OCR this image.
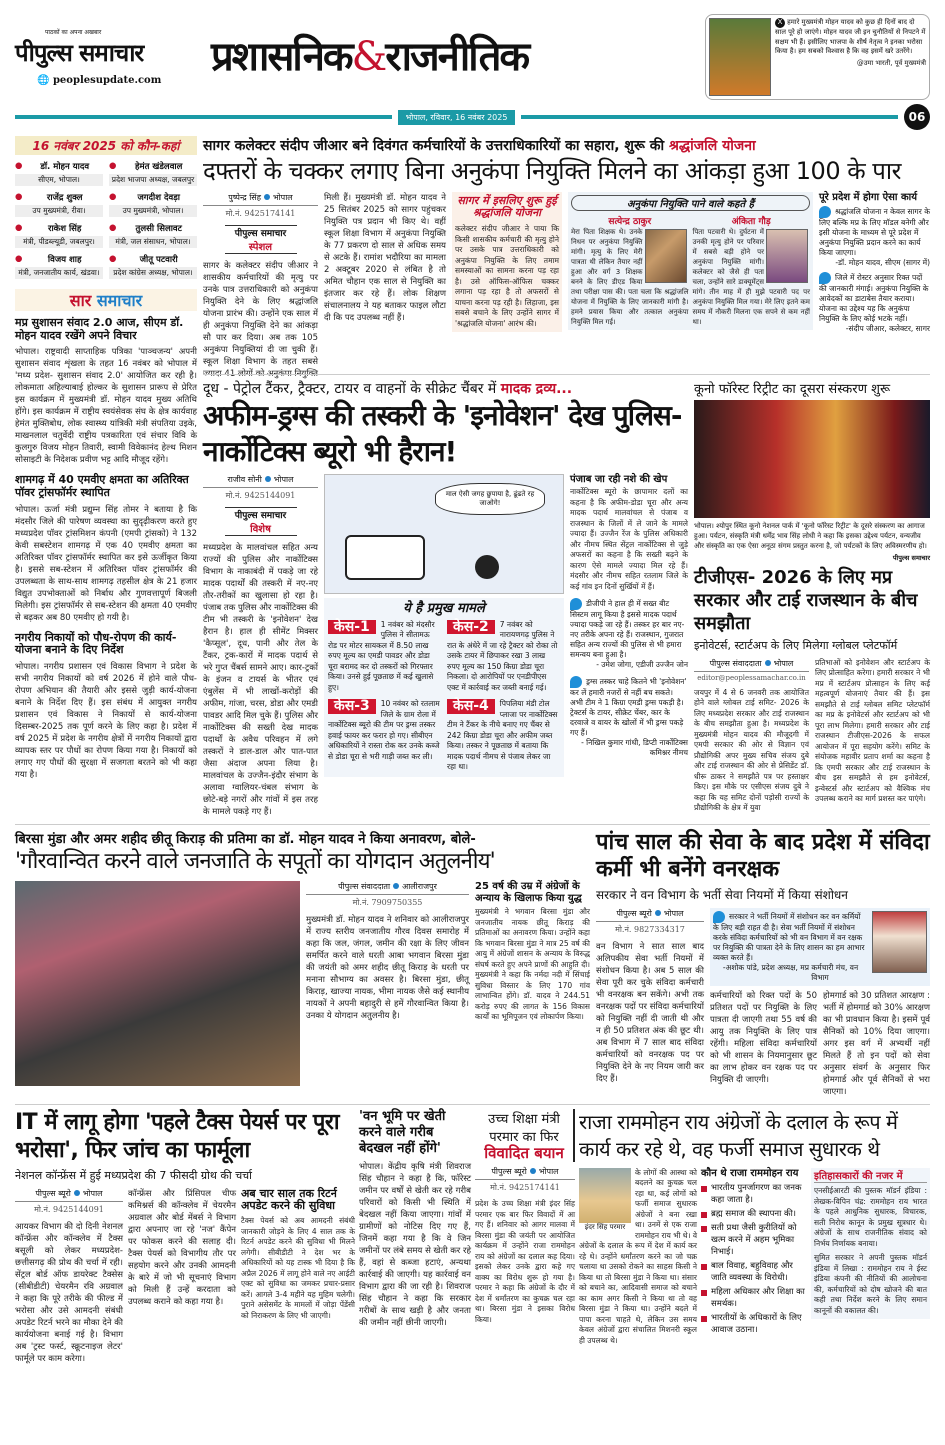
पाठकों का अपना अखबार
पीपुल्स समाचार
🌐 peoplesupdate.com
प्रशासनिक&राजनीतिक
X हमारे मुख्यमंत्री मोहन यादव को कुछ ही दिनों बाद दो साल पूरे हो जाएंगे। मोहन यादव जी इन चुनौतियों से निपटने में सक्षम भी हैं। इसीलिए भाजपा के शीर्ष नेतृत्व ने इनका भरोसा किया है। हम सबको विश्वास है कि वह इसमें खरे उतरेंगे।
@उमा भारती, पूर्व मुख्यमंत्री
भोपाल, रविवार, 16 नवंबर 2025	06
16 नवंबर 2025 को कौन-कहां
●	डॉ. मोहन यादव
सीएम, भोपाल।
●	हेमंत खंडेलवाल
प्रदेश भाजपा अध्यक्ष, जबलपुर
●	राजेंद्र शुक्ल
उप मुख्यमंत्री, रीवा।
●	जगदीश देवड़ा
उप मुख्यमंत्री, भोपाल।
●	राकेश सिंह
मंत्री, पीडब्ल्यूडी, जबलपुर।
●	तुलसी सिलावट
मंत्री, जल संसाधन, भोपाल।
●	विजय शाह
मंत्री, जनजातीय कार्य, खंडवा।
●	जीतू पटवारी
प्रदेश कांग्रेस अध्यक्ष, भोपाल।
सार समाचार
मप्र सुशासन संवाद 2.0 आज, सीएम डॉ. मोहन यादव रखेंगे अपने विचार
भोपाल। राष्ट्रवादी साप्ताहिक पत्रिका 'पाञ्चजन्य' अपनी सुशासन संवाद शृंखला के तहत 16 नवंबर को भोपाल में 'मध्य प्रदेश- सुशासन संवाद 2.0' आयोजित कर रही है। लोकमाता अहिल्याबाई होल्कर के सुशासन प्रारूप से प्रेरित इस कार्यक्रम में मुख्यमंत्री डॉ. मोहन यादव मुख्य अतिथि होंगे। इस कार्यक्रम में राष्ट्रीय स्वयंसेवक संघ के क्षेत्र कार्यवाह हेमंत मुक्तिबोध, लोक स्वास्थ्य यांत्रिकी मंत्री संपतिया उइके, माखनलाल चतुर्वेदी राष्ट्रीय पत्रकारिता एवं संचार विवि के कुलगुरु विजय मोहन तिवारी, स्वामी विवेकानंद हेल्थ मिशन सोसाइटी के निदेशक प्रवीण भट्ट आदि मौजूद रहेंगे।
शामगढ़ में 40 एमवीए क्षमता का अतिरिक्त पॉवर ट्रांसफॉर्मर स्थापित
भोपाल। ऊर्जा मंत्री प्रद्युम्न सिंह तोमर ने बताया है कि मंदसौर जिले की पारेषण व्यवस्था का सुदृढ़ीकरण करते हुए मध्यप्रदेश पॉवर ट्रांसमिशन कंपनी (एमपी ट्रांसको) ने 132 केवी सबस्टेशन शामगढ़ में एक 40 एमवीए क्षमता का अतिरिक्त पॉवर ट्रांसफॉर्मर स्थापित कर इसे ऊर्जीकृत किया है। इससे सब-स्टेशन में अतिरिक्त पॉवर ट्रांसफॉर्मर की उपलब्धता के साथ-साथ शामगढ़ तहसील क्षेत्र के 21 हजार विद्युत उपभोक्ताओं को निर्बाध और गुणवत्तापूर्ण बिजली मिलेगी। इस ट्रांसफॉर्मर से सब-स्टेशन की क्षमता 40 एमवीए से बढ़कर अब 80 एमवीए हो गयी है।
नगरीय निकायों को पौध-रोपण की कार्य-योजना बनाने के दिए निर्देश
भोपाल। नगरीय प्रशासन एवं विकास विभाग ने प्रदेश के सभी नगरीय निकायों को वर्ष 2026 में होने वाले पौध-रोपण अभियान की तैयारी और इससे जुड़ी कार्य-योजना बनाने के निर्देश दिए हैं। इस संबंध में आयुक्त नगरीय प्रशासन एवं विकास ने निकायों से कार्य-योजना दिसम्बर-2025 तक पूर्ण करने के लिए कहा है। प्रदेश में वर्ष 2025 में प्रदेश के नगरीय क्षेत्रों में नगरीय निकायों द्वारा व्यापक स्तर पर पौधों का रोपण किया गया है। निकायों को लगाए गए पौधों की सुरक्षा में सजगता बरतने को भी कहा गया है।
सागर कलेक्टर संदीप जीआर बने दिवंगत कर्मचारियों के उत्तराधिकारियों का सहारा, शुरू की श्रद्धांजलि योजना
दफ्तरों के चक्कर लगाए बिना अनुकंपा नियुक्ति मिलने का आंकड़ा हुआ 100 के पार
पुष्पेन्द्र सिंह भोपाल
मो.नं. 9425174141
पीपुल्स समाचार
स्पेशल
सागर के कलेक्टर संदीप जीआर ने शासकीय कर्मचारियों की मृत्यु पर उनके पात्र उत्तराधिकारी को अनुकंपा नियुक्ति देने के लिए श्रद्धांजलि योजना प्रारंभ की। उन्होंने एक साल में ही अनुकंपा नियुक्ति देने का आंकड़ा सौ पार कर दिया। अब तक 105 अनुकंपा नियुक्तियां दी जा चुकी हैं। स्कूल शिक्षा विभाग के तहत सबसे ज्यादा 41 लोगों को अनुकंपा नियुक्ति
मिली हैं। मुख्यमंत्री डॉ. मोहन यादव ने 25 सितंबर 2025 को सागर पहुंचकर नियुक्ति पत्र प्रदान भी किए थे। वहीं स्कूल शिक्षा विभाग में अनुकंपा नियुक्ति के 77 प्रकरण दो साल से अधिक समय से अटके हैं। रामांश भदौरिया का मामला 2 अक्टूबर 2020 से लंबित है तो अमित चौहान एक साल से नियुक्ति का इंतजार कर रहे हैं। लोक शिक्षण संचालनालय ने यह बताकर फाइल लौटा दी कि पद उपलब्ध नहीं हैं।
सागर में इसलिए शुरू हुई श्रद्धांजलि योजना
कलेक्टर संदीप जीआर ने पाया कि किसी शासकीय कर्मचारी की मृत्यु होने पर उसके पात्र उत्तराधिकारी को अनुकंपा नियुक्ति के लिए तमाम समस्याओं का सामना करना पड़ रहा है। उसे ऑफिस-ऑफिस चक्कर लगाना पड़ रहा है तो अफसरों से याचना करना पड़ रही है। लिहाजा, इस सबसे बचाने के लिए उन्होंने सागर में 'श्रद्धांजलि योजना' आरंभ की।
अनुकंपा नियुक्ति पाने वाले कहते हैं
सत्येन्द्र ठाकुर
मेरा पिता शिक्षक थे। उनके निधन पर अनुकंपा नियुक्ति मांगी। मृत्यु के लिए मेरी पात्रता थी लेकिन तैयार नहीं हुआ और वर्ग 3 शिक्षक बनने के लिए डीएड किया तथा परीक्षा पास की। पता चला कि श्रद्धांजलि योजना में नियुक्ति के लिए जानकारी मांगी है। हमने प्रयास किया और तत्काल अनुकंपा नियुक्ति मिल गई।
अंकिता गौड़
पिता पटवारी थे। दुर्घटना में उनकी मृत्यु होने पर परिवार में सबसे बड़ी होने पर अनुकंपा नियुक्ति मांगी। कलेक्टर को जैसे ही पता चला, उन्होंने सारे डाक्यूमेंट्स मांगे। तीन माह में ही मुझे पटवारी पद पर अनुकंपा नियुक्ति मिल गया। मेरे लिए इतने कम समय में नौकरी मिलना एक सपने से कम नहीं था।
पूरे प्रदेश में होगा ऐसा कार्य
श्रद्धांजलि योजना न केवल सागर के लिए बल्कि मप्र के लिए मॉडल बनेगी और इसी योजना के माध्यम से पूरे प्रदेश में अनुकंपा नियुक्ति प्रदान करने का कार्य किया जाएगा।
-डॉ. मोहन यादव, सीएम (सागर में)
जिले में रोस्टर अनुसार रिक्त पदों की जानकारी मंगाई। अनुकंपा नियुक्ति के आवेदकों का डाटाबेस तैयार कराया। योजना का उद्देश्य यह कि अनुकंपा नियुक्ति के लिए कोई भटके नहीं।
-संदीप जीआर, कलेक्टर, सागर
दूध - पेट्रोल टैंकर, ट्रैक्टर, टायर व वाहनों के सीक्रेट चैंबर में मादक द्रव्य...
अफीम-ड्रग्स की तस्करी के 'इनोवेशन' देख पुलिस-नार्कोटिक्स ब्यूरो भी हैरान!
राजीव सोनी भोपाल
मो.नं. 9425144091
पीपुल्स समाचार
विशेष
मध्यप्रदेश के मालवांचल सहित अन्य राज्यों की पुलिस और नार्कोटिक्स विभाग के नाकाबंदी में पकड़े जा रहे मादक पदार्थों की तस्करी में नए-नए तौर-तरीकों का खुलासा हो रहा है। पंजाब तक पुलिस और नार्कोटिक्स की टीम भी तस्करी के 'इनोवेशन' देख हैरान है। हाल ही सीमेंट मिक्सर 'कैप्सूल', दूध, पानी और तेल के टैंकर, ट्रक-कारों में मादक पदार्थ से भरे गुप्त चैंबर्स सामने आए। कार-ट्रकों के इंजन व टायर्स के भीतर एवं एंबुलेंस में भी लाखों-करोड़ों की अफीम, गांजा, चरस, डोडा और एमडी पावडर आदि मिल चुके हैं। पुलिस और नार्कोटिक्स की सख्ती देख मादक पदार्थों के अवैध परिवहन में लगे तस्करों ने डाल-डाल और पात-पात जैसा अंदाज अपना लिया है। मालवांचल के उज्जैन-इंदौर संभाग के अलावा ग्वालियर-चंबल संभाग के छोटे-बड़े नगरों और गांवों में इस तरह के मामले पकड़े गए हैं।
माल ऐसी जगह छुपाया है, ढूंढते रह जाओगे!
ये है प्रमुख मामले
केस-1	1 नवंबर को मंदसौर पुलिस ने सीतामऊ रोड पर मोटर सायकल में 8.50 लाख रुपए मूल्य का एमडी पावडर और डोडा चूरा बरामद कर दो तस्करों को गिरफ्तार किया। उनसे हुई पूछताछ में कई खुलासे हुए।
केस-2	7 नवंबर को नारायणगढ़ पुलिस ने रात के अंधेरे में जा रहे ट्रैक्टर को रोका तो उसके टायर में छिपाकर रखा 3 लाख रुपए मूल्य का 150 किग्रा डोडा चूरा निकला। दो आरोपियों पर एनडीपीएस एक्ट में कार्रवाई कर जब्ती बनाई गई।
केस-3	10 नवंबर को रतलाम जिले के ग्राम रोला में नार्कोटिक्स ब्यूरो की टीम पर ड्रग्स तस्कर हवाई फायर कर फरार हो गए। सीबीएन अधिकारियों ने रास्ता रोक कर उनके कब्जे से डोडा चूरा से भरी गाड़ी जब्त कर ली।
केस-4	पिपलिया मंडी टोल प्लाजा पर नार्कोटिक्स टीम ने टैंकर के नीचे बनाए गए चैंबर से 242 किग्रा डोडा चूरा और अफीम जब्त किया। तस्कर ने पूछताछ में बताया कि मादक पदार्थ नीमच से पंजाब लेकर जा रहा था।
पंजाब जा रही नशे की खेप
नार्कोटिक्स ब्यूरो के छापामार दलों का कहना है कि अफीम-डोडा चूरा और अन्य मादक पदार्थ मालवांचल से पंजाब व राजस्थान के जिलों में ले जाने के मामले ज्यादा हैं। उज्जैन रेंज के पुलिस अधिकारी और नीमच स्थित सेंट्रल नार्कोटिक्स से जुड़े अफसरों का कहना है कि सख्ती बढ़ने के कारण ऐसे मामले ज्यादा मिल रहे हैं। मंदसौर और नीमच सहित रतलाम जिले के कई गांव इन दिनों सुर्खियों में हैं।
डीजीपी ने हाल ही में सख्त बीट सिस्टम लागू किया है इससे मादक पदार्थ ज्यादा पकड़े जा रहे हैं। तस्कर हर बार नए-नए तरीके अपना रहे हैं। राजस्थान, गुजरात सहित अन्य राज्यों की पुलिस से भी हमारा समन्वय बना हुआ है।
- उमेश जोगा, एडीजी उज्जैन जोन
ड्रग्स तस्कर चाहे कितने भी 'इनोवेशन' कर लें हमारी नजरों से नहीं बच सकते। अभी टीम ने 1 किग्रा एमडी ड्रग्स पकड़ी है। ट्रेक्टर्स के टायर, सीक्रेट चेंबर, कार के दरवाजे व वायर के खोलों में भी ड्रग्स पकड़े गए हैं।
- निखिल कुमार गांधी, डिप्टी नार्कोटिक्स कमिश्नर नीमच
कूनो फॉरेस्ट रिट्रीट का दूसरा संस्करण शुरू
भोपाल। श्योपुर स्थित कूनो नेशनल पार्क में 'कूनो फॉरेस्ट रिट्रीट' के दूसरे संस्करण का आगाज हुआ। पर्यटन, संस्कृति मंत्री धर्मेंद्र भाव सिंह लोधी ने कहा कि इसका उद्देश्य पर्यटन, वन्यजीव और संस्कृति का एक ऐसा अनूठा संगम प्रस्तुत करना है, जो पर्यटकों के लिए अविस्मरणीय हो।
पीपुल्स समाचार
टीजीएस- 2026 के लिए मप्र सरकार और टाई राजस्थान के बीच समझौता
इनोवेटर्स, स्टार्टअप के लिए मिलेगा ग्लोबल प्लेटफॉर्म
पीपुल्स संवाददाता भोपाल
editor@peoplessamachar.co.in
जयपुर में 4 से 6 जनवरी तक आयोजित होने वाले ग्लोबल टाई समिट- 2026 के लिए मध्यप्रदेश सरकार और टाई राजस्थान के बीच समझौता हुआ है। मध्यप्रदेश के मुख्यमंत्री मोहन यादव की मौजूदगी में एमपी सरकार की ओर से विज्ञान एवं प्रौद्योगिकी अपर मुख्य सचिव संजय दुबे और टाई राजस्थान की ओर से प्रेसिडेंट डॉ. धीरू ठाकर ने समझौते पत्र पर हस्ताक्षर किए। इस मौके पर एसीएस संजय दुबे ने कहा कि यह समिट दोनों पड़ोसी राज्यों के प्रौद्योगिकी के क्षेत्र में युवा
प्रतिभाओं को इनोवेशन और स्टार्टअप के लिए प्रोत्साहित करेगा। हमारी सरकार ने भी मप्र में स्टार्टअप प्रोत्साहन के लिए कई महत्वपूर्ण योजनाएं तैयार की हैं। इस समझौते से टाई ग्लोबल समिट प्लेटफॉर्म का मप्र के इनोवेटर्स और स्टार्टअप को भी पूरा लाभ मिलेगा। हमारी सरकार और टाई राजस्थान टीजीएस-2026 के सफल आयोजन में पूरा सहयोग करेंगे। समिट के संयोजक महावीर प्रताप शर्मा का कहना है कि एमपी सरकार और टाई राजस्थान के बीच इस समझौते से हम इनोवेटर्स, इन्वेस्टर्स और स्टार्टअप को वैश्विक मंच उपलब्ध कराने का मार्ग प्रशस्त कर पाएंगे।
बिरसा मुंडा और अमर शहीद छीतू किराड़ की प्रतिमा का डॉ. मोहन यादव ने किया अनावरण, बोले-
'गौरवान्वित करने वाले जनजाति के सपूतों का योगदान अतुलनीय'
पीपुल्स संवाददाता आलीराजपुर
मो.नं. 7909750355
मुख्यमंत्री डॉ. मोहन यादव ने शनिवार को आलीराजपुर में राज्य स्तरीय जनजातीय गौरव दिवस समारोह में कहा कि जल, जंगल, जमीन की रक्षा के लिए जीवन समर्पित करने वाले धरती आबा भगवान बिरसा मुंडा की जयंती को अमर शहीद छीतू किराड़ के धरती पर मनाना सौभाग्य का अवसर है। बिरसा मुंडा, छीतू किराड़, खाज्या नायक, भीमा नायक जैसे कई स्थानीय नायकों ने अपनी बहादुरी से हमें गौरवान्वित किया है। उनका ये योगदान अतुलनीय है।
25 वर्ष की उम्र में अंग्रेजों के अन्याय के खिलाफ किया युद्ध
मुख्यमंत्री ने भगवान बिरसा मुंडा और जनजातीय नायक छीतू किराड़ की प्रतिमाओं का अनावरण किया। उन्होंने कहा कि भगवान बिरसा मुंडा ने मात्र 25 वर्ष की आयु में अंग्रेजों शासन के अन्याय के विरुद्ध संघर्ष करते हुए अपने प्राणों की आहुति दी। मुख्यमंत्री ने कहा कि नर्मदा नदी में सिंचाई सुविधा विस्तार के लिए 170 गांव लाभान्वित होंगे। डॉ. यादव ने 244.51 करोड़ रुपए की लागत के 156 विकास कार्यों का भूमिपूजन एवं लोकार्पण किया।
पांच साल की सेवा के बाद प्रदेश में संविदा कर्मी भी बनेंगे वनरक्षक
सरकार ने वन विभाग के भर्ती सेवा नियमों में किया संशोधन
पीपुल्स ब्यूरो भोपाल
मो.नं. 9827334317
वन विभाग ने सात साल बाद अलिपकीय सेवा भर्ती नियमों में संशोधन किया है। अब 5 साल की सेवा पूरी कर चुके संविदा कर्मचारी भी वनरक्षक बन सकेंगे। अभी तक वनरक्षक पदों पर संविदा कर्मचारियों को नियुक्ति नहीं दी जाती थी और न ही 50 प्रतिशत अंक की छूट थी। अब विभाग में 7 साल बाद संविदा कर्मचारियों को वनरक्षक पद पर नियुक्ति देने के नए नियम जारी कर दिए हैं।
सरकार ने भर्ती नियमों में संशोधन कर वन कर्मियों के लिए बड़ी राहत दी है। सेवा भर्ती नियमों में संशोधन करके संविदा कर्मचारियों को भी वन विभाग में वन रक्षक पर नियुक्ति की पात्रता देने के लिए शासन का हम आभार व्यक्त करते हैं।
-अशोक पांडे, प्रदेश अध्यक्ष, मप्र कर्मचारी मंच, वन विभाग
कर्मचारियों को रिक्त पदों के 50 प्रतिशत पदों पर नियुक्ति के लिए पात्रता दी जाएगी तथा 55 वर्ष की आयु तक नियुक्ति के लिए पात्र रहेंगी। महिला संविदा कर्मचारियों को भी शासन के नियमानुसार छूट का लाभ होकर वन रक्षक पद पर नियुक्ति दी जाएगी।
होमगार्ड को 30 प्रतिशत आरक्षण : भर्ती में होमगार्ड को 30% आरक्षण का भी प्रावधान किया है। इसमें पूर्व सैनिकों को 10% दिया जाएगा। अगर इस वर्ग में अभ्यर्थी नहीं मिलते हैं तो इन पदों को सेवा अनुसार संवर्ग के अनुसार फिर होमगार्ड और पूर्व सैनिकों से भरा जाएगा।
IT में लागू होगा 'पहले टैक्स पेयर्स पर पूरा भरोसा', फिर जांच का फार्मूला
नेशनल कॉन्फ्रेंस में हुई मध्यप्रदेश की 7 फीसदी ग्रोथ की चर्चा
पीपुल्स ब्यूरो भोपाल
मो.नं. 9425144091
आयकर विभाग की दो दिनी नेशनल कॉन्फ्रेंस और कॉन्क्लेव में टैक्स बसूली को लेकर मध्यप्रदेश-छत्तीसगढ़ की प्रोथ की चर्चा में रही। सेंट्रल बोर्ड ऑफ डायरेक्ट टैक्सेस (सीबीडीटी) चेयरमैन रवि अग्रवाल ने कहा कि पूरे तरीके की फील्ड में भरोसा और उसे आमदनी संबंधी अपडेट रिटर्न भरने का मौका देने की कार्ययोजना बनाई गई है। विभाग अब 'ट्रस्ट फर्स्ट, स्क्रूटनाइज लेटर' फार्मूले पर काम करेगा।
कॉन्फ्रेंस और प्रिंसिपल चीफ कमिश्नर्स की कॉन्क्लेव में चेयरमैन अग्रवाल और बोर्ड मेंबर्स ने विभाग द्वारा अपनाए जा रहे 'नज' कैंपेन पर फोकस करने की सलाह दी। टैक्स पेयर्स को विभागीय तौर पर सहयोग करने और उनकी आमदनी के बारे में जो भी सूचनाएं विभाग को मिली हैं उन्हें करदाता को उपलब्ध कराने को कहा गया है।
अब चार साल तक रिटर्न अपडेट करने की सुविधा
टैक्स पेयर्स को अब आमदनी संबंधी जानकारी जोड़ने के लिए 4 साल तक के रिटर्न अपडेट करने की सुविधा भी मिलने लगेगी। सीबीडीटी ने देश भर के अधिकारियों को यह टास्क भी दिया है कि अप्रैल 2026 में लागू होने वाले नए आईटी एक्ट को सुविधा का जमकर प्रचार-प्रसार करें। आगले 3-4 महीने यह मुहिम चलेगी। पुराने असेसमेंट के मामलों में जोड़ा पेंडेंसी को निराकरण के लिए भी जाएगी।
'वन भूमि पर खेती करने वाले गरीब बेदखल नहीं होंगे'
भोपाल। केंद्रीय कृषि मंत्री शिवराज सिंह चौहान ने कहा है कि, फॉरेस्ट जमीन पर वर्षों से खेती कर रहे गरीब परिवारों को किसी भी स्थिति में बेदखल नहीं किया जाएगा। गांवों में ग्रामीणों को नोटिस दिए गए हैं, जिनमें कहा गया है कि वे जिन जमीनों पर लंबे समय से खेती कर रहे हैं, वहां से कब्जा हटाएं, अन्यथा कार्रवाई की जाएगी। यह कार्रवाई वन विभाग द्वारा की जा रही है। शिवराज सिंह चौहान ने कहा कि सरकार गरीबों के साथ खड़ी है और जनता की जमीन नहीं छीनी जाएगी।
उच्च शिक्षा मंत्री
परमार का फिर
विवादित बयान
पीपुल्स ब्यूरो भोपाल
मो.नं. 9425174141
प्रदेश के उच्च शिक्षा मंत्री इंदर सिंह परमार एक बार फिर विवादों में आ गए हैं। शनिवार को आगर मालवा में बिरसा मुंडा की जयंती पर आयोजित कार्यक्रम में उन्होंने राजा राममोहन राय को अंग्रेजों का दलाल कह दिया। इसको लेकर उनके द्वारा कहे गए वाक्य का विरोध शुरू हो गया है। परमार ने कहा कि अंग्रेजों के दौर में देश में धर्मांतरण का कुचक्र चल रहा था। बिरसा मुंडा ने इसका विरोध किया।
राजा राममोहन राय अंग्रेजों के दलाल के रूप में कार्य कर रहे थे, वह फर्जी समाज सुधारक थे
इंदर सिंह परमार
के लोगों की आस्था को बदलने का कुचक्र चल रहा था, कई लोगों को फर्जी समाज सुधारक अंग्रेजों ने बना रखा था। उनमें से एक राजा राममोहन राय भी थे। वे अंग्रेजों के दलाल के रूप में देश में कार्य कर रहे थे। उन्होंने धर्मांतरण करने का जो चक्र चलाया था उसको रोकने का साहस किसी ने किया था तो बिरसा मुंडा ने किया था। संसार को बचाने का, आदिवासी समाज को बचाने का काम अगर किसी ने किया था तो वह बिरसा मुंडा ने किया था। उन्होंने बदले में पापा करना चाहते थे, लेकिन उस समय केवल अंग्रेजों द्वारा संचालित मिशनरी स्कूल ही उपलब्ध थे।
कौन थे राजा राममोहन राय
भारतीय पुनर्जागरण का जनक कहा जाता है।
ब्रह्म समाज की स्थापना की।
सती प्रथा जैसी कुरीतियों को खत्म करने में अहम भूमिका निभाई।
बाल विवाह, बहुविवाह और जाति व्यवस्था के विरोधी।
महिला अधिकार और शिक्षा का समर्थक।
भारतीयों के अधिकारों के लिए आवाज उठाना।
इतिहासकारों की नजर में
एनसीईआरटी की पुस्तक मॉडर्न इंडिया : लेखक-विपिन चंद्र: राममोहन राय भारत के पहले आधुनिक सुधारक, विचारक, सती निरोध कानून के प्रमुख सूत्रधार थे। अंग्रेजों के साथ राजनीतिक संवाद को निर्भय निर्णायक बनाया।
सुमित सरकार ने अपनी पुस्तक मॉडर्न इंडिया में लिखा : राममोहन राय ने ईस्ट इंडिया कंपनी की नीतियों की आलोचना की, कर्मचारियों को दोष खोजने की बात कही तथा निर्देश करने के लिए समान कानूनों की वकालत की।
